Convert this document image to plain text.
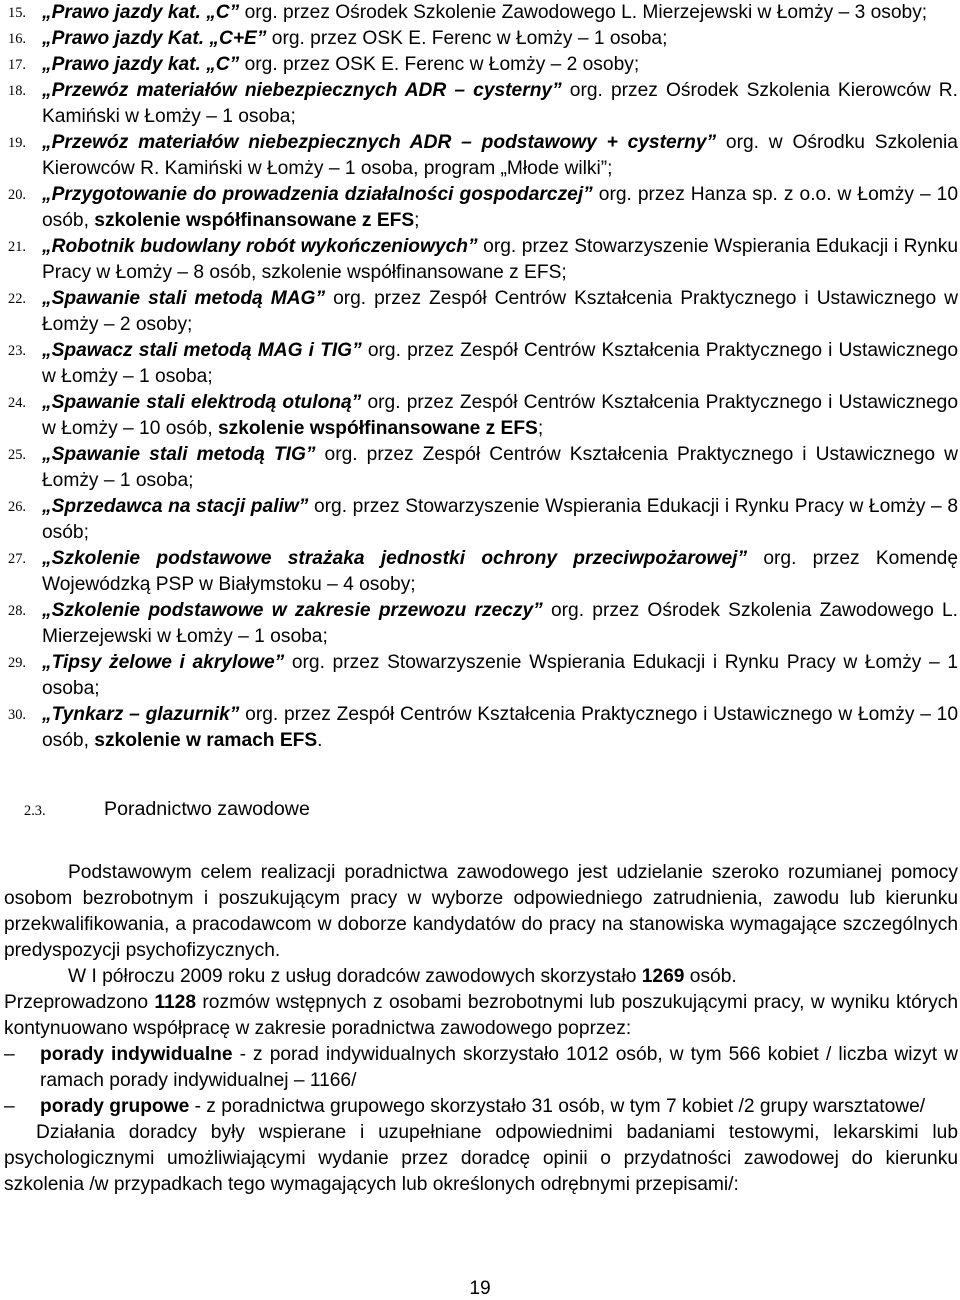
15. „Prawo jazdy kat. „C” org. przez Ośrodek Szkolenie Zawodowego L. Mierzejewski w Łomży – 3 osoby;
16. „Prawo jazdy Kat. „C+E” org. przez OSK E. Ferenc w Łomży – 1 osoba;
17. „Prawo jazdy kat. „C” org. przez OSK E. Ferenc w Łomży – 2 osoby;
18. „Przewóz materiałów niebezpiecznych ADR – cysterny” org. przez Ośrodek Szkolenia Kierowców R. Kamiński w Łomży – 1 osoba;
19. „Przewóz materiałów niebezpiecznych ADR – podstawowy + cysterny” org. w Ośrodku Szkolenia Kierowców R. Kamiński w Łomży – 1 osoba, program „Młode wilki”;
20. „Przygotowanie do prowadzenia działalności gospodarczej” org. przez Hanza sp. z o.o. w Łomży – 10 osób, szkolenie współfinansowane z EFS;
21. „Robotnik budowlany robót wykończeniowych” org. przez Stowarzyszenie Wspierania Edukacji i Rynku Pracy w Łomży – 8 osób, szkolenie współfinansowane z EFS;
22. „Spawanie stali metodą MAG” org. przez Zespół Centrów Kształcenia Praktycznego i Ustawicznego w Łomży – 2 osoby;
23. „Spawacz stali metodą MAG i TIG” org. przez Zespół Centrów Kształcenia Praktycznego i Ustawicznego w Łomży – 1 osoba;
24. „Spawanie stali elektrodą otuloną” org. przez Zespół Centrów Kształcenia Praktycznego i Ustawicznego w Łomży – 10 osób, szkolenie współfinansowane z EFS;
25. „Spawanie stali metodą TIG” org. przez Zespół Centrów Kształcenia Praktycznego i Ustawicznego w Łomży – 1 osoba;
26. „Sprzedawca na stacji paliw” org. przez Stowarzyszenie Wspierania Edukacji i Rynku Pracy w Łomży – 8 osób;
27. „Szkolenie podstawowe strażaka jednostki ochrony przeciwpożarowej” org. przez Komendę Wojewódzką PSP w Białymstoku – 4 osoby;
28. „Szkolenie podstawowe w zakresie przewozu rzeczy” org. przez Ośrodek Szkolenia Zawodowego L. Mierzejewski w Łomży – 1 osoba;
29. „Tipsy żelowe i akrylowe” org. przez Stowarzyszenie Wspierania Edukacji i Rynku Pracy w Łomży – 1 osoba;
30. „Tynkarz – glazurnik” org. przez Zespół Centrów Kształcenia Praktycznego i Ustawicznego w Łomży – 10 osób, szkolenie w ramach EFS.
2.3.	Poradnictwo zawodowe

Podstawowym celem realizacji poradnictwa zawodowego jest udzielanie szeroko rozumianej pomocy osobom bezrobotnym i poszukującym pracy w wyborze odpowiedniego zatrudnienia, zawodu lub kierunku przekwalifikowania, a pracodawcom w doborze kandydatów do pracy na stanowiska wymagające szczególnych predyspozycji psychofizycznych.

W I półroczu 2009 roku z usług doradców zawodowych skorzystało 1269 osób.

Przeprowadzono 1128 rozmów wstępnych z osobami bezrobotnymi lub poszukującymi pracy, w wyniku których kontynuowano współpracę w zakresie poradnictwa zawodowego poprzez:

–	porady indywidualne - z porad indywidualnych skorzystało 1012 osób, w tym 566 kobiet / liczba wizyt w ramach porady indywidualnej – 1166/
–	porady grupowe - z poradnictwa grupowego skorzystało 31 osób, w tym 7 kobiet /2 grupy warsztatowe/

Działania doradcy były wspierane i uzupełniane odpowiednimi badaniami testowymi, lekarskimi lub psychologicznymi umożliwiającymi wydanie przez doradcę opinii o przydatności zawodowej do kierunku szkolenia /w przypadkach tego wymagających lub określonych odrębnymi przepisami/:

19
